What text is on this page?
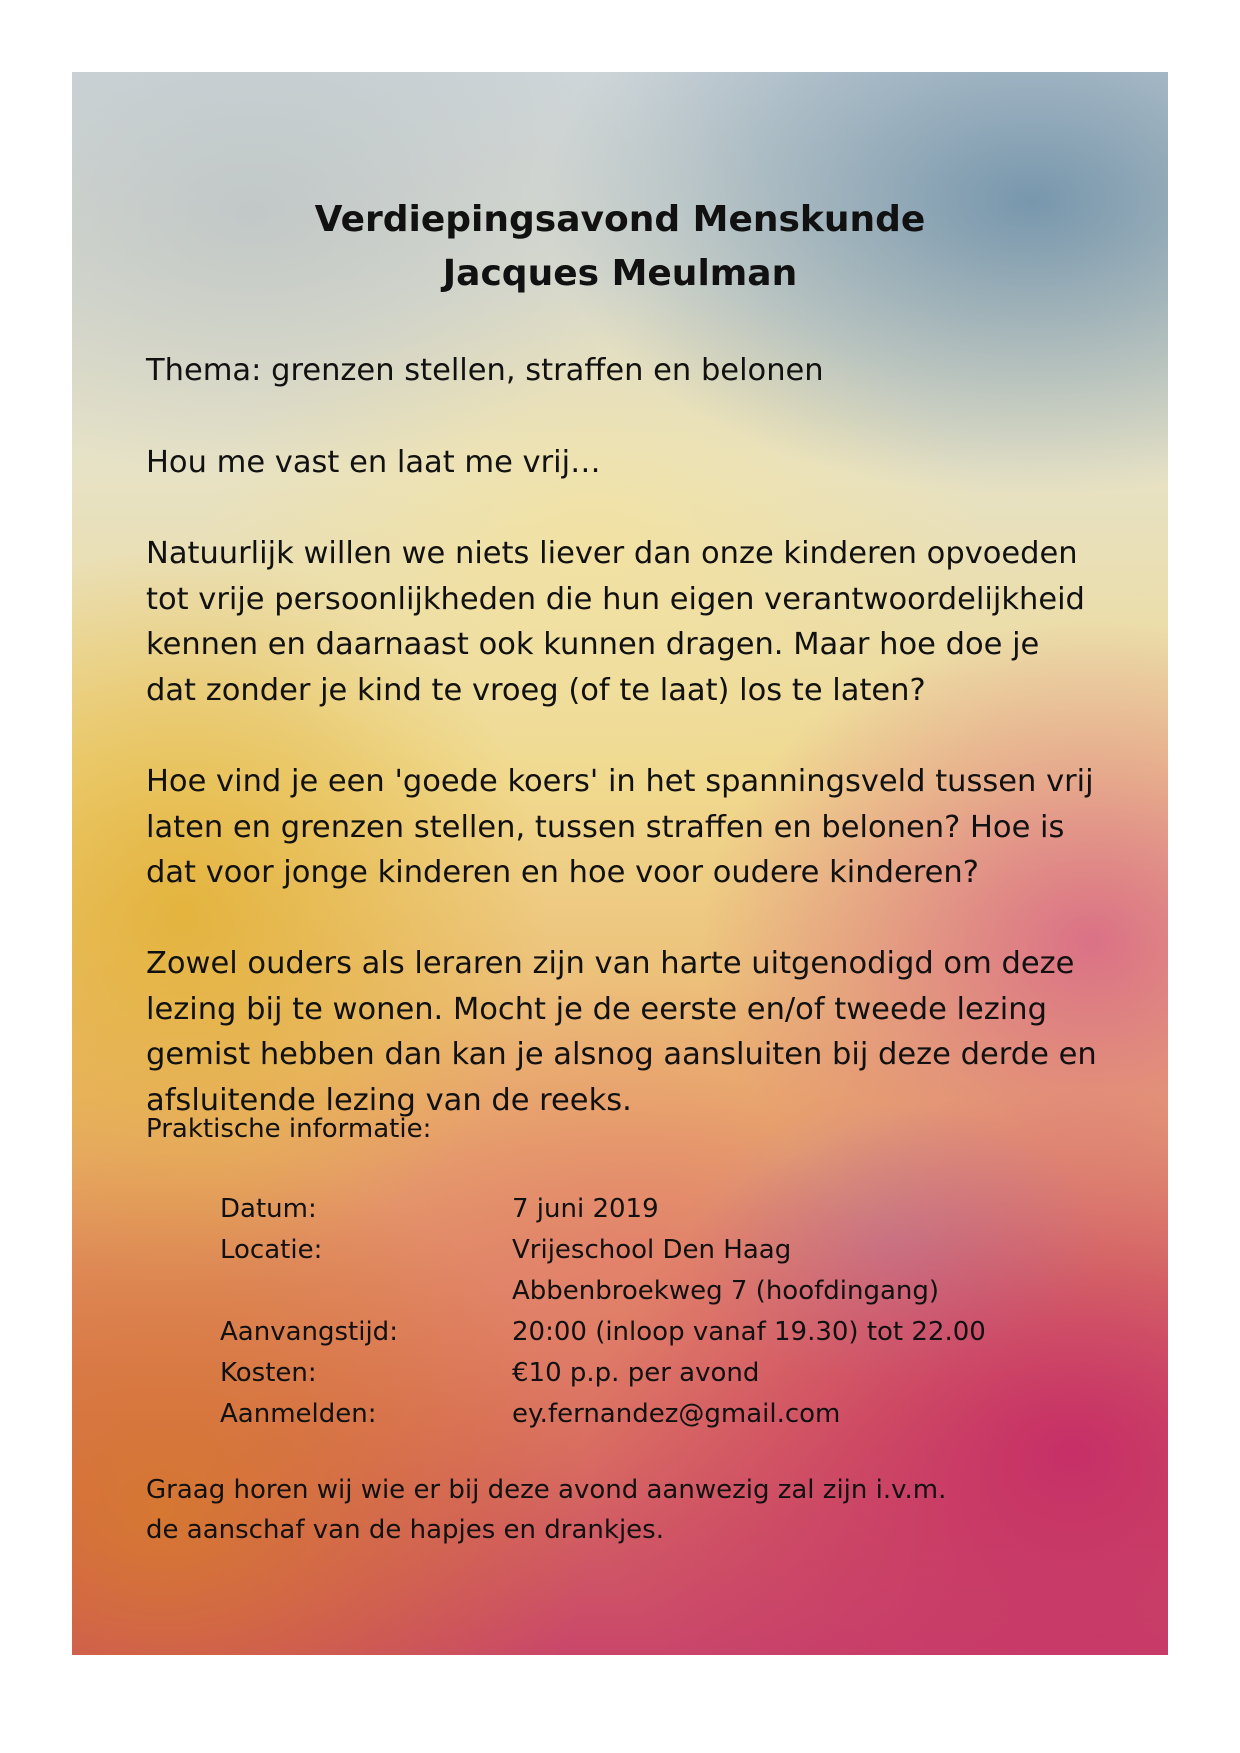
Verdiepingsavond Menskunde
Jacques Meulman

Thema: grenzen stellen, straffen en belonen

Hou me vast en laat me vrij…

Natuurlijk willen we niets liever dan onze kinderen opvoeden
tot vrije persoonlijkheden die hun eigen verantwoordelijkheid
kennen en daarnaast ook kunnen dragen. Maar hoe doe je
dat zonder je kind te vroeg (of te laat) los te laten?

Hoe vind je een 'goede koers' in het spanningsveld tussen vrij
laten en grenzen stellen, tussen straffen en belonen? Hoe is
dat voor jonge kinderen en hoe voor oudere kinderen?

Zowel ouders als leraren zijn van harte uitgenodigd om deze
lezing bij te wonen. Mocht je de eerste en/of tweede lezing
gemist hebben dan kan je alsnog aansluiten bij deze derde en
afsluitende lezing van de reeks.

Praktische informatie:

Datum:	7 juni 2019
Locatie:	Vrijeschool Den Haag
Abbenbroekweg 7 (hoofdingang)
Aanvangstijd:	20:00 (inloop vanaf 19.30) tot 22.00
Kosten:	€10 p.p. per avond
Aanmelden:	ey.fernandez@gmail.com

Graag horen wij wie er bij deze avond aanwezig zal zijn i.v.m.
de aanschaf van de hapjes en drankjes.
